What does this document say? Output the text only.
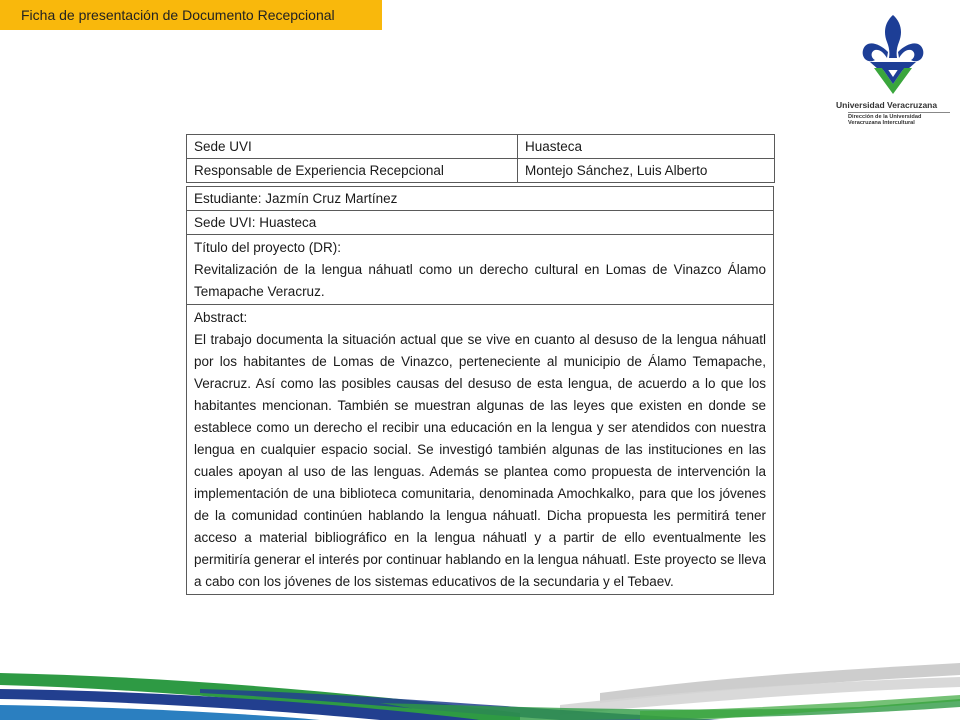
Ficha de presentación de Documento Recepcional
Universidad Veracruzana
Dirección de la Universidad
Veracruzana Intercultural
Sede UVI	Huasteca
Responsable de Experiencia Recepcional	Montejo Sánchez, Luis Alberto
Estudiante: Jazmín Cruz Martínez
Sede UVI: Huasteca

Título del proyecto (DR):
Revitalización de la lengua náhuatl como un derecho cultural en Lomas de Vinazco Álamo Temapache Veracruz.

Abstract:
El trabajo documenta la situación actual que se vive en cuanto al desuso de la lengua náhuatl por los habitantes de Lomas de Vinazco, perteneciente al municipio de Álamo Temapache, Veracruz. Así como las posibles causas del desuso de esta lengua, de acuerdo a lo que los habitantes mencionan. También se muestran algunas de las leyes que existen en donde se establece como un derecho el recibir una educación en la lengua y ser atendidos con nuestra lengua en cualquier espacio social. Se investigó también algunas de las instituciones en las cuales apoyan al uso de las lenguas. Además se plantea como propuesta de intervención la implementación de una biblioteca comunitaria, denominada Amochkalko, para que los jóvenes de la comunidad continúen hablando la lengua náhuatl. Dicha propuesta les permitirá tener acceso a material bibliográfico en la lengua náhuatl y a partir de ello eventualmente les permitiría generar el interés por continuar hablando en la lengua náhuatl. Este proyecto se lleva a cabo con los jóvenes de los sistemas educativos de la secundaria y el Tebaev.
